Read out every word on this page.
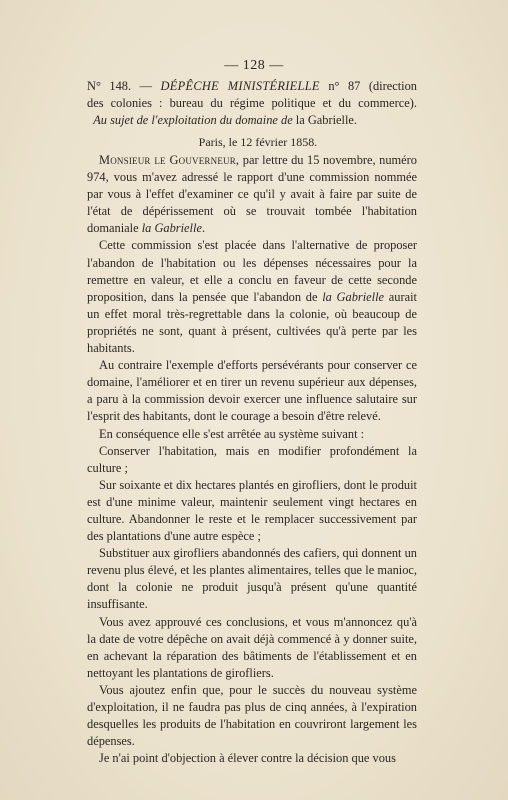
— 128 —
N° 148. — DÉPÊCHE MINISTÉRIELLE n° 87 (direction
des colonies : bureau du régime politique et du commerce).
Au sujet de l'exploitation du domaine de la Gabrielle.
Paris, le 12 février 1858.

Monsieur le Gouverneur, par lettre du 15 novembre, numéro 974, vous m'avez adressé le rapport d'une commission nommée par vous à l'effet d'examiner ce qu'il y avait à faire par suite de l'état de dépérissement où se trouvait tombée l'habitation domaniale la Gabrielle.

Cette commission s'est placée dans l'alternative de proposer l'abandon de l'habitation ou les dépenses nécessaires pour la remettre en valeur, et elle a conclu en faveur de cette seconde proposition, dans la pensée que l'abandon de la Gabrielle aurait un effet moral très-regrettable dans la colonie, où beaucoup de propriétés ne sont, quant à présent, cultivées qu'à perte par les habitants.

Au contraire l'exemple d'efforts persévérants pour conserver ce domaine, l'améliorer et en tirer un revenu supérieur aux dépenses, a paru à la commission devoir exercer une influence salutaire sur l'esprit des habitants, dont le courage a besoin d'être relevé.

En conséquence elle s'est arrêtée au système suivant :

Conserver l'habitation, mais en modifier profondément la culture ;

Sur soixante et dix hectares plantés en girofliers, dont le produit est d'une minime valeur, maintenir seulement vingt hectares en culture. Abandonner le reste et le remplacer successivement par des plantations d'une autre espèce ;

Substituer aux girofliers abandonnés des cafiers, qui donnent un revenu plus élevé, et les plantes alimentaires, telles que le manioc, dont la colonie ne produit jusqu'à présent qu'une quantité insuffisante.

Vous avez approuvé ces conclusions, et vous m'annoncez qu'à la date de votre dépêche on avait déjà commencé à y donner suite, en achevant la réparation des bâtiments de l'établissement et en nettoyant les plantations de girofliers.

Vous ajoutez enfin que, pour le succès du nouveau système d'exploitation, il ne faudra pas plus de cinq années, à l'expiration desquelles les produits de l'habitation en couvriront largement les dépenses.

Je n'ai point d'objection à élever contre la décision que vous
